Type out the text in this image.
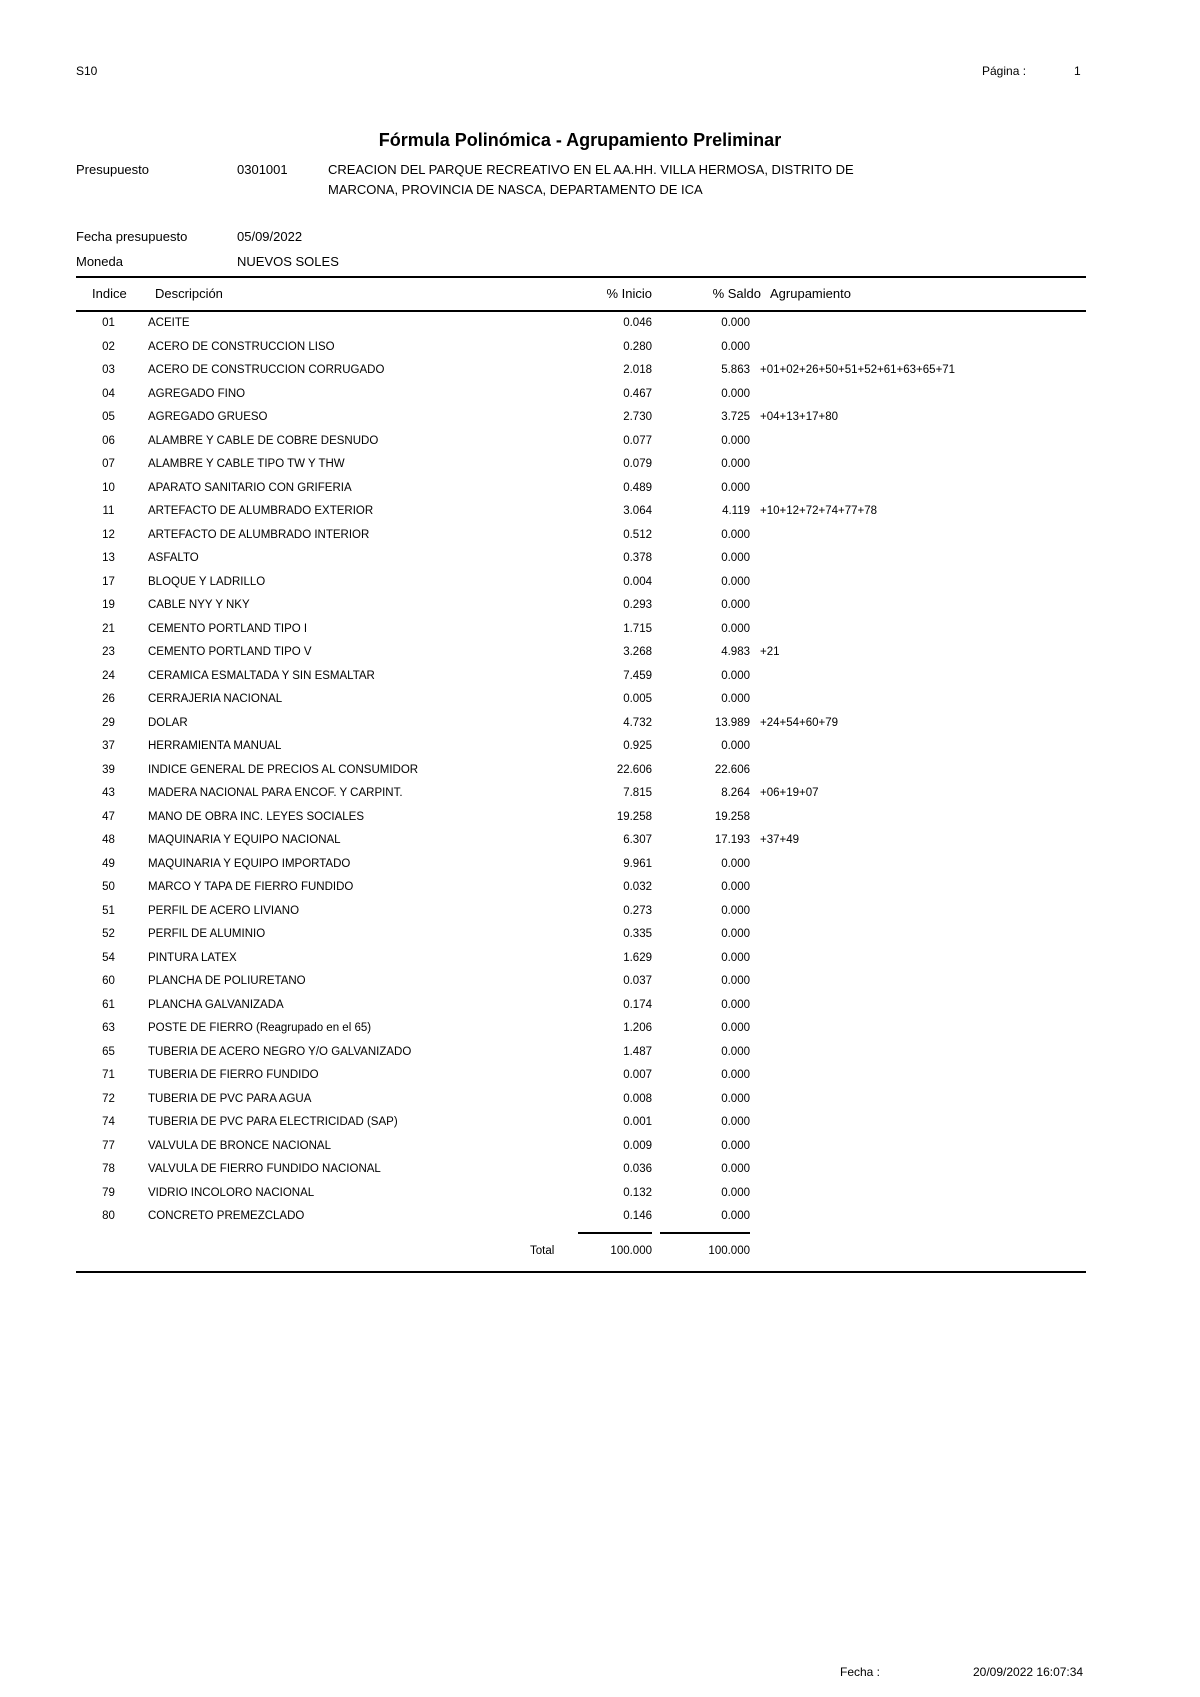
S10	Página :	1
Fórmula Polinómica - Agrupamiento Preliminar
Presupuesto	0301001	CREACION DEL PARQUE RECREATIVO EN EL AA.HH. VILLA HERMOSA, DISTRITO DE
MARCONA, PROVINCIA DE NASCA, DEPARTAMENTO DE ICA
Fecha presupuesto	05/09/2022
Moneda	NUEVOS SOLES
Indice Descripción	% Inicio	% Saldo Agrupamiento
01	ACEITE	0.046	0.000
02	ACERO DE CONSTRUCCION LISO	0.280	0.000
03	ACERO DE CONSTRUCCION CORRUGADO	2.018	5.863 +01+02+26+50+51+52+61+63+65+71
04	AGREGADO FINO	0.467	0.000
05	AGREGADO GRUESO	2.730	3.725 +04+13+17+80
06	ALAMBRE Y CABLE DE COBRE DESNUDO	0.077	0.000
07	ALAMBRE Y CABLE TIPO TW Y THW	0.079	0.000
10	APARATO SANITARIO CON GRIFERIA	0.489	0.000
11	ARTEFACTO DE ALUMBRADO EXTERIOR	3.064	4.119 +10+12+72+74+77+78
12	ARTEFACTO DE ALUMBRADO INTERIOR	0.512	0.000
13	ASFALTO	0.378	0.000
17	BLOQUE Y LADRILLO	0.004	0.000
19	CABLE NYY Y NKY	0.293	0.000
21	CEMENTO PORTLAND TIPO I	1.715	0.000
23	CEMENTO PORTLAND TIPO V	3.268	4.983 +21
24	CERAMICA ESMALTADA Y SIN ESMALTAR	7.459	0.000
26	CERRAJERIA NACIONAL	0.005	0.000
29	DOLAR	4.732	13.989 +24+54+60+79
37	HERRAMIENTA MANUAL	0.925	0.000
39	INDICE GENERAL DE PRECIOS AL CONSUMIDOR	22.606	22.606
43	MADERA NACIONAL PARA ENCOF. Y CARPINT.	7.815	8.264 +06+19+07
47	MANO DE OBRA INC. LEYES SOCIALES	19.258	19.258
48	MAQUINARIA Y EQUIPO NACIONAL	6.307	17.193 +37+49
49	MAQUINARIA Y EQUIPO IMPORTADO	9.961	0.000
50	MARCO Y TAPA DE FIERRO FUNDIDO	0.032	0.000
51	PERFIL DE ACERO LIVIANO	0.273	0.000
52	PERFIL DE ALUMINIO	0.335	0.000
54	PINTURA LATEX	1.629	0.000
60	PLANCHA DE POLIURETANO	0.037	0.000
61	PLANCHA GALVANIZADA	0.174	0.000
63	POSTE DE FIERRO (Reagrupado en el 65)	1.206	0.000
65	TUBERIA DE ACERO NEGRO Y/O GALVANIZADO	1.487	0.000
71	TUBERIA DE FIERRO FUNDIDO	0.007	0.000
72	TUBERIA DE PVC PARA AGUA	0.008	0.000
74	TUBERIA DE PVC PARA ELECTRICIDAD (SAP)	0.001	0.000
77	VALVULA DE BRONCE NACIONAL	0.009	0.000
78	VALVULA DE FIERRO FUNDIDO NACIONAL	0.036	0.000
79	VIDRIO INCOLORO NACIONAL	0.132	0.000
80	CONCRETO PREMEZCLADO	0.146	0.000
Total	100.000	100.000
Fecha :	20/09/2022 16:07:34
